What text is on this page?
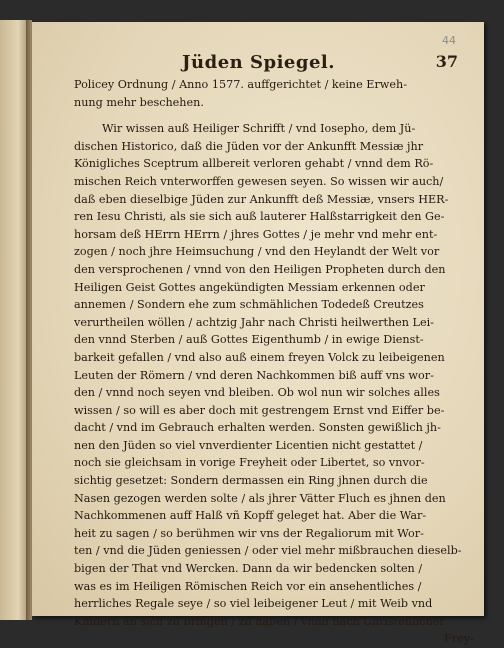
44
Jüden Spiegel.	37
Policey Ordnung / Anno 1577. auffgerichtet / keine Erweh-
nung mehr beschehen.
Wir wissen auß Heiliger Schrifft / vnd Iosepho, dem Jü-
dischen Historico, daß die Jüden vor der Ankunfft Messiæ jhr
Königliches Sceptrum allbereit verloren gehabt / vnnd dem Rö-
mischen Reich vnterworffen gewesen seyen. So wissen wir auch/
daß eben dieselbige Jüden zur Ankunfft deß Messiæ, vnsers HER-
ren Iesu Christi, als sie sich auß lauterer Halßstarrigkeit den Ge-
horsam deß HErrn HErrn / jhres Gottes / je mehr vnd mehr ent-
zogen / noch jhre Heimsuchung / vnd den Heylandt der Welt vor
den versprochenen / vnnd von den Heiligen Propheten durch den
Heiligen Geist Gottes angekündigten Messiam erkennen oder
annemen / Sondern ehe zum schmählichen Todedeß Creutzes
verurtheilen wöllen / achtzig Jahr nach Christi heilwerthen Lei-
den vnnd Sterben / auß Gottes Eigenthumb / in ewige Dienst-
barkeit gefallen / vnd also auß einem freyen Volck zu leibeigenen
Leuten der Römern / vnd deren Nachkommen biß auff vns wor-
den / vnnd noch seyen vnd bleiben. Ob wol nun wir solches alles
wissen / so will es aber doch mit gestrengem Ernst vnd Eiffer be-
dacht / vnd im Gebrauch erhalten werden. Sonsten gewißlich jh-
nen den Jüden so viel vnverdienter Licentien nicht gestattet /
noch sie gleichsam in vorige Freyheit oder Libertet, so vnvor-
sichtig gesetzet: Sondern dermassen ein Ring jhnen durch die
Nasen gezogen werden solte / als jhrer Vätter Fluch es jhnen den
Nachkommenen auff Halß vñ Kopff geleget hat. Aber die War-
heit zu sagen / so berühmen wir vns der Regaliorum mit Wor-
ten / vnd die Jüden geniessen / oder viel mehr mißbrauchen dieselb-
bigen der That vnd Wercken. Dann da wir bedencken solten /
was es im Heiligen Römischen Reich vor ein ansehentliches /
herrliches Regale seye / so viel leibeigener Leut / mit Weib vnd
Kindern an sich zu bringen / zu haben / vnnd nach Christenlicher
Frey-
